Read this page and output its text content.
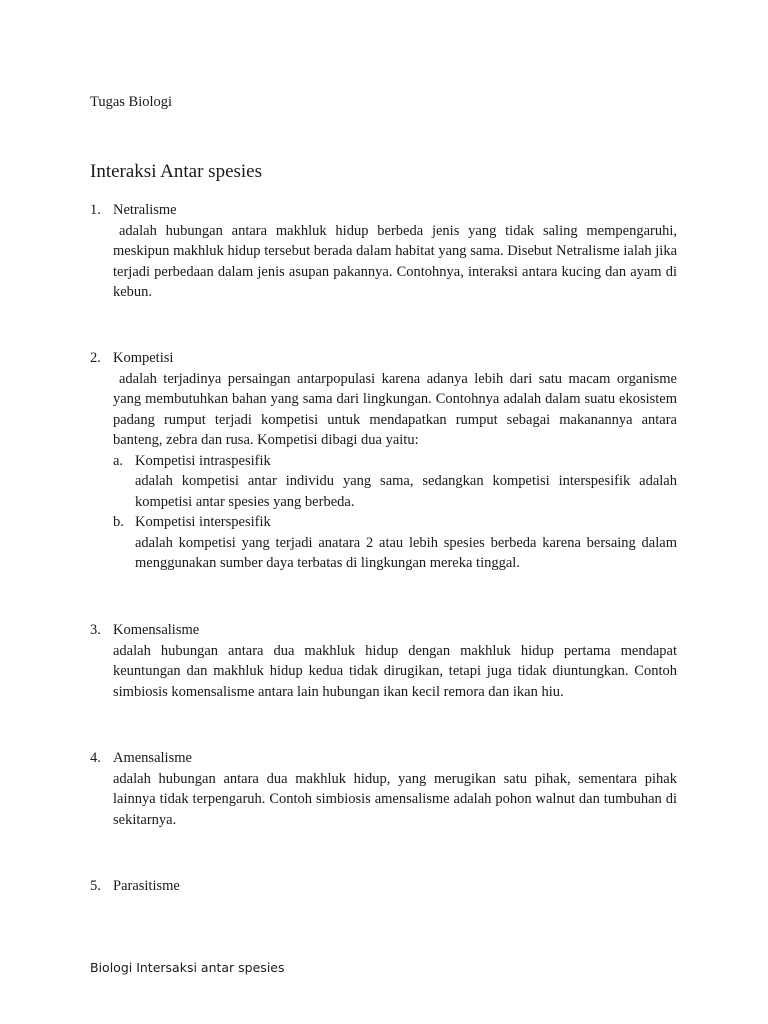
Tugas Biologi
Interaksi Antar spesies
1. Netralisme
adalah hubungan antara makhluk hidup berbeda jenis yang tidak saling mempengaruhi, meskipun makhluk hidup tersebut berada dalam habitat yang sama. Disebut Netralisme ialah jika terjadi perbedaan dalam jenis asupan pakannya. Contohnya, interaksi antara kucing dan ayam di kebun.
2. Kompetisi
adalah terjadinya persaingan antarpopulasi karena adanya lebih dari satu macam organisme yang membutuhkan bahan yang sama dari lingkungan. Contohnya adalah dalam suatu ekosistem padang rumput terjadi kompetisi untuk mendapatkan rumput sebagai makanannya antara banteng, zebra dan rusa. Kompetisi dibagi dua yaitu:
a. Kompetisi intraspesifik
adalah kompetisi antar individu yang sama, sedangkan kompetisi interspesifik adalah kompetisi antar spesies yang berbeda.
b. Kompetisi interspesifik
adalah kompetisi yang terjadi anatara 2 atau lebih spesies berbeda karena bersaing dalam menggunakan sumber daya terbatas di lingkungan mereka tinggal.
3. Komensalisme
adalah hubungan antara dua makhluk hidup dengan makhluk hidup pertama mendapat keuntungan dan makhluk hidup kedua tidak dirugikan, tetapi juga tidak diuntungkan. Contoh simbiosis komensalisme antara lain hubungan ikan kecil remora dan ikan hiu.
4. Amensalisme
adalah hubungan antara dua makhluk hidup, yang merugikan satu pihak, sementara pihak lainnya tidak terpengaruh. Contoh simbiosis amensalisme adalah pohon walnut dan tumbuhan di sekitarnya.
5. Parasitisme
Biologi Intersaksi antar spesies
